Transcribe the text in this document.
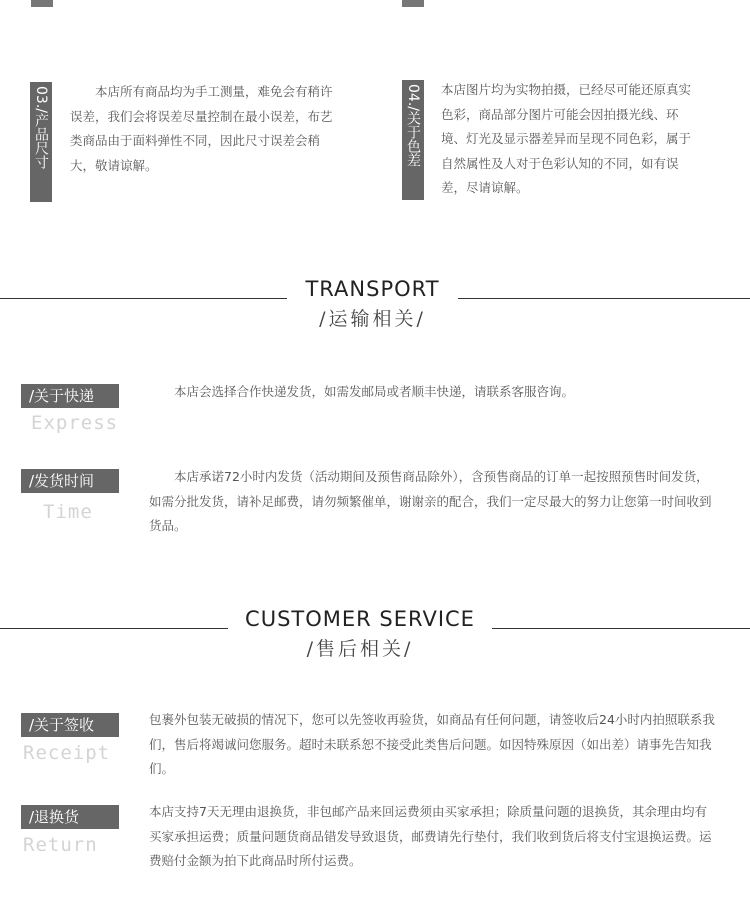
03./产品尺寸	本店所有商品均为手工测量，难免会有稍许误差，我们会将误差尽量控制在最小误差，布艺类商品由于面料弹性不同，因此尺寸误差会稍大，敬请谅解。	04./关于色差 本店图片均为实物拍摄，已经尽可能还原真实色彩，商品部分图片可能会因拍摄光线、环境、灯光及显示器差异而呈现不同色彩，属于自然属性及人对于色彩认知的不同，如有误差，尽请谅解。
TRANSPORT
/运输相关/
/关于快递
Express
本店会选择合作快递发货，如需发邮局或者顺丰快递，请联系客服咨询。
/发货时间
Time
本店承诺72小时内发货（活动期间及预售商品除外），含预售商品的订单一起按照预售时间发货，如需分批发货，请补足邮费，请勿频繁催单，谢谢亲的配合，我们一定尽最大的努力让您第一时间收到货品。
CUSTOMER SERVICE
/售后相关/
/关于签收
Receipt
包裹外包装无破损的情况下，您可以先签收再验货，如商品有任何问题，请签收后24小时内拍照联系我们，售后将竭诚问您服务。超时未联系恕不接受此类售后问题。如因特殊原因（如出差）请事先告知我们。
/退换货
Return
本店支持7天无理由退换货，非包邮产品来回运费须由买家承担；除质量问题的退换货，其余理由均有买家承担运费；质量问题货商品错发导致退货，邮费请先行垫付，我们收到货后将支付宝退换运费。运费赔付金额为拍下此商品时所付运费。
